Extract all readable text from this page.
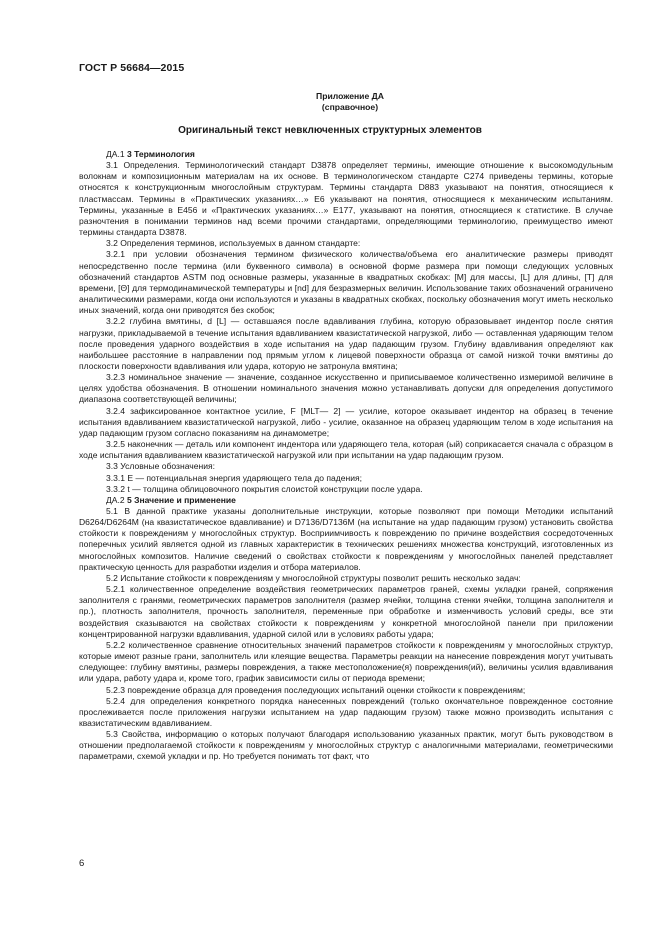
ГОСТ Р 56684—2015
Приложение ДА
(справочное)
Оригинальный текст невключенных структурных элементов

ДА.1 3 Терминология

3.1 Определения. Терминологический стандарт D3878 определяет термины, имеющие отношение к высокомодульным волокнам и композиционным материалам на их основе. В терминологическом стандарте C274 приведены термины, которые относятся к конструкционным многослойным структурам. Термины стандарта D883 указывают на понятия, относящиеся к пластмассам. Термины в «Практических указаниях…» E6 указывают на понятия, относящиеся к механическим испытаниям. Термины, указанные в E456 и «Практических указаниях…» E177, указывают на понятия, относящиеся к статистике. В случае разночтения в понимании терминов над всеми прочими стандартами, определяющими терминологию, преимущество имеют термины стандарта D3878.

3.2 Определения терминов, используемых в данном стандарте:

3.2.1 при условии обозначения термином физического количества/объема его аналитические размеры приводят непосредственно после термина (или буквенного символа) в основной форме размера при помощи следующих условных обозначений стандартов ASTM под основные размеры, указанные в квадратных скобках: [M] для массы, [L] для длины, [T] для времени, [Θ] для термодинамической температуры и [nd] для безразмерных величин. Использование таких обозначений ограничено аналитическими размерами, когда они используются и указаны в квадратных скобках, поскольку обозначения могут иметь несколько иных значений, когда они приводятся без скобок;

3.2.2 глубина вмятины, d [L] — оставшаяся после вдавливания глубина, которую образовывает индентор после снятия нагрузки, прикладываемой в течение испытания вдавливанием квазистатической нагрузкой, либо — оставленная ударяющим телом после проведения ударного воздействия в ходе испытания на удар падающим грузом. Глубину вдавливания определяют как наибольшее расстояние в направлении под прямым углом к лицевой поверхности образца от самой низкой точки вмятины до плоскости поверхности вдавливания или удара, которую не затронула вмятина;

3.2.3 номинальное значение — значение, созданное искусственно и приписываемое количественно измеримой величине в целях удобства обозначения. В отношении номинального значения можно устанавливать допуски для определения допустимого диапазона соответствующей величины;

3.2.4 зафиксированное контактное усилие, F [MLT— 2] — усилие, которое оказывает индентор на образец в течение испытания вдавливанием квазистатической нагрузкой, либо - усилие, оказанное на образец ударяющим телом в ходе испытания на удар падающим грузом согласно показаниям на динамометре;

3.2.5 наконечник — деталь или компонент индентора или ударяющего тела, которая (ый) соприкасается сначала с образцом в ходе испытания вдавливанием квазистатической нагрузкой или при испытании на удар падающим грузом.

3.3 Условные обозначения:

3.3.1 E — потенциальная энергия ударяющего тела до падения;

3.3.2 t — толщина облицовочного покрытия слоистой конструкции после удара.

ДА.2 5 Значение и применение

5.1 В данной практике указаны дополнительные инструкции, которые позволяют при помощи Методики испытаний D6264/D6264M (на квазистатическое вдавливание) и D7136/D7136M (на испытание на удар падающим грузом) установить свойства стойкости к повреждениям у многослойных структур. Восприимчивость к повреждению по причине воздействия сосредоточенных поперечных усилий является одной из главных характеристик в технических решениях множества конструкций, изготовленных из многослойных композитов. Наличие сведений о свойствах стойкости к повреждениям у многослойных панелей представляет практическую ценность для разработки изделия и отбора материалов.

5.2 Испытание стойкости к повреждениям у многослойной структуры позволит решить несколько задач:

5.2.1 количественное определение воздействия геометрических параметров граней, схемы укладки граней, сопряжения заполнителя с гранями, геометрических параметров заполнителя (размер ячейки, толщина стенки ячейки, толщина заполнителя и пр.), плотность заполнителя, прочность заполнителя, переменные при обработке и изменчивость условий среды, все эти воздействия сказываются на свойствах стойкости к повреждениям у конкретной многослойной панели при приложении концентрированной нагрузки вдавливания, ударной силой или в условиях работы удара;

5.2.2 количественное сравнение относительных значений параметров стойкости к повреждениям у многослойных структур, которые имеют разные грани, заполнитель или клеящие вещества. Параметры реакции на нанесение повреждения могут учитывать следующее: глубину вмятины, размеры повреждения, а также местоположение(я) повреждения(ий), величины усилия вдавливания или удара, работу удара и, кроме того, график зависимости силы от периода времени;

5.2.3 повреждение образца для проведения последующих испытаний оценки стойкости к повреждениям;

5.2.4 для определения конкретного порядка нанесенных повреждений (только окончательное поврежденное состояние прослеживается после приложения нагрузки испытанием на удар падающим грузом) также можно производить испытания с квазистатическим вдавливанием.

5.3 Свойства, информацию о которых получают благодаря использованию указанных практик, могут быть руководством в отношении предполагаемой стойкости к повреждениям у многослойных структур с аналогичными материалами, геометрическими параметрами, схемой укладки и пр. Но требуется понимать тот факт, что

6
